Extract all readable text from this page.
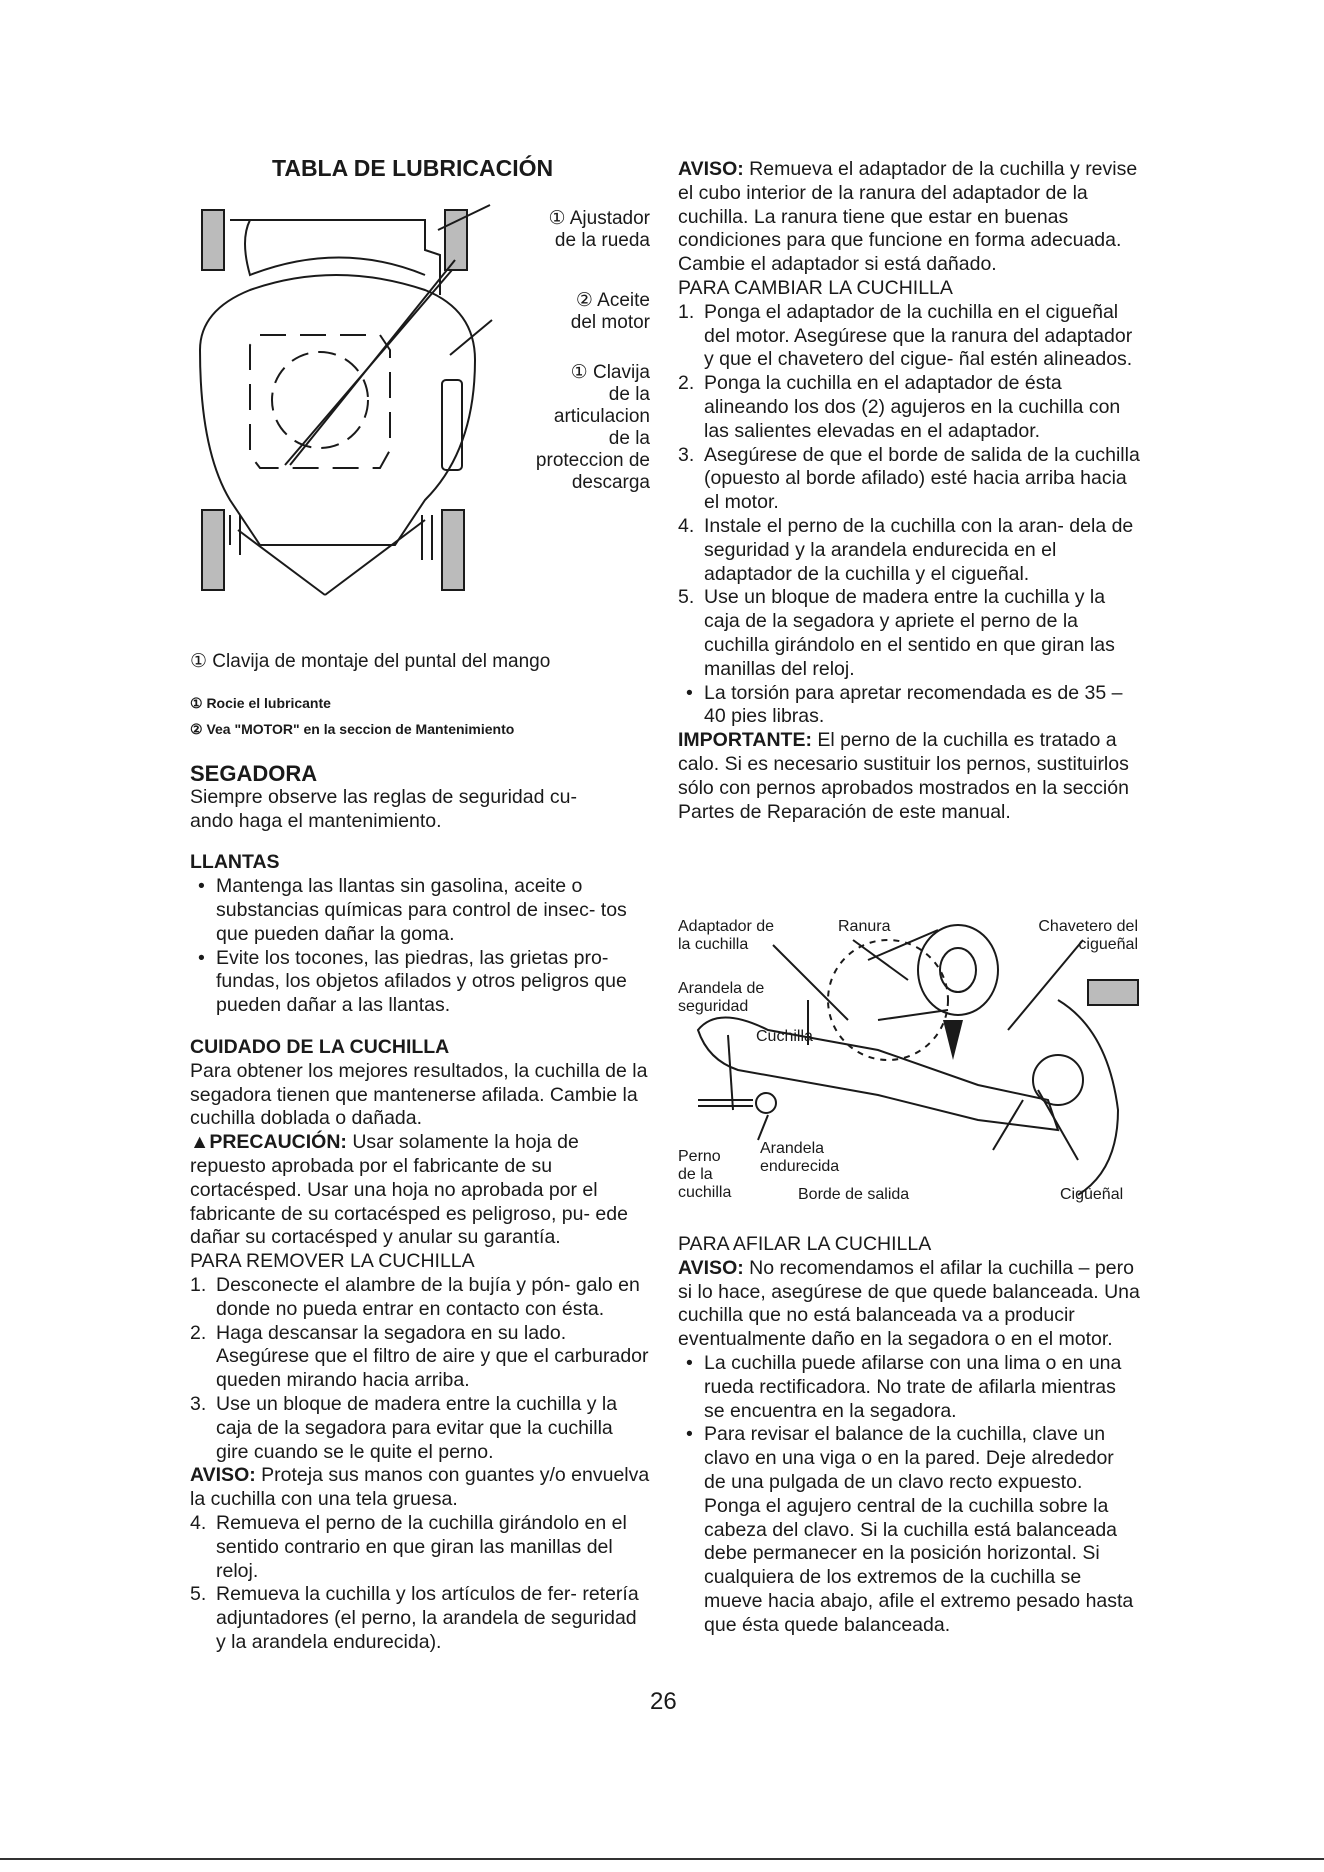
TABLA DE LUBRICACIÓN
① Ajustador
de la rueda
② Aceite
del motor
① Clavija
de la
articulacion
de la
proteccion de
descarga
① Clavija de montaje del puntal del mango
① Rocie el lubricante
② Vea "MOTOR" en la seccion de Mantenimiento

SEGADORA

Siempre observe las reglas de seguridad cu-
ando haga el mantenimiento.

LLANTAS

• Mantenga las llantas sin gasolina, aceite o substancias químicas para control de insec- tos que pueden dañar la goma.
• Evite los tocones, las piedras, las grietas pro- fundas, los objetos afilados y otros peligros que pueden dañar a las llantas.

CUIDADO DE LA CUCHILLA

Para obtener los mejores resultados, la cuchilla de la segadora tienen que mantenerse afilada. Cambie la cuchilla doblada o dañada.

▲PRECAUCIÓN: Usar solamente la hoja de repuesto aprobada por el fabricante de su cortacésped. Usar una hoja no aprobada por el fabricante de su cortacésped es peligroso, pu- ede dañar su cortacésped y anular su garantía.

PARA REMOVER LA CUCHILLA

1. Desconecte el alambre de la bujía y pón- galo en donde no pueda entrar en contacto con ésta.
2. Haga descansar la segadora en su lado. Asegúrese que el filtro de aire y que el carburador queden mirando hacia arriba.
3. Use un bloque de madera entre la cuchilla y la caja de la segadora para evitar que la cuchilla gire cuando se le quite el perno.

AVISO: Proteja sus manos con guantes y/o envuelva la cuchilla con una tela gruesa.

4. Remueva el perno de la cuchilla girándolo en el sentido contrario en que giran las manillas del reloj.
5. Remueva la cuchilla y los artículos de fer- retería adjuntadores (el perno, la arandela de seguridad y la arandela endurecida).

AVISO: Remueva el adaptador de la cuchilla y revise el cubo interior de la ranura del adaptador de la cuchilla. La ranura tiene que estar en buenas condiciones para que funcione en forma adecuada. Cambie el adaptador si está dañado.

PARA CAMBIAR LA CUCHILLA

1. Ponga el adaptador de la cuchilla en el cigueñal del motor. Asegúrese que la ranura del adaptador y que el chavetero del cigue- ñal estén alineados.
2. Ponga la cuchilla en el adaptador de ésta alineando los dos (2) agujeros en la cuchilla con las salientes elevadas en el adaptador.
3. Asegúrese de que el borde de salida de la cuchilla (opuesto al borde afilado) esté hacia arriba hacia el motor.
4. Instale el perno de la cuchilla con la aran- dela de seguridad y la arandela endurecida en el adaptador de la cuchilla y el cigueñal.
5. Use un bloque de madera entre la cuchilla y la caja de la segadora y apriete el perno de la cuchilla girándolo en el sentido en que giran las manillas del reloj.
• La torsión para apretar recomendada es de 35 – 40 pies libras.

IMPORTANTE: El perno de la cuchilla es tratado a calo. Si es necesario sustituir los pernos, sustituirlos sólo con pernos aprobados mostrados en la sección Partes de Reparación de este manual.

Adaptador de
la cuchilla
Ranura	Chavetero del
cigueñal
Arandela de
seguridad
Cuchilla
Perno
de la
cuchilla
Arandela
endurecida
Borde de salida	Cigüeñal

PARA AFILAR LA CUCHILLA

AVISO: No recomendamos el afilar la cuchilla – pero si lo hace, asegúrese de que quede balanceada. Una cuchilla que no está balanceada va a producir eventualmente daño en la segadora o en el motor.

• La cuchilla puede afilarse con una lima o en una rueda rectificadora. No trate de afilarla mientras se encuentra en la segadora.
• Para revisar el balance de la cuchilla, clave un clavo en una viga o en la pared. Deje alrededor de una pulgada de un clavo recto expuesto. Ponga el agujero central de la cuchilla sobre la cabeza del clavo. Si la cuchilla está balanceada debe permanecer en la posición horizontal. Si cualquiera de los extremos de la cuchilla se mueve hacia abajo, afile el extremo pesado hasta que ésta quede balanceada.
26
